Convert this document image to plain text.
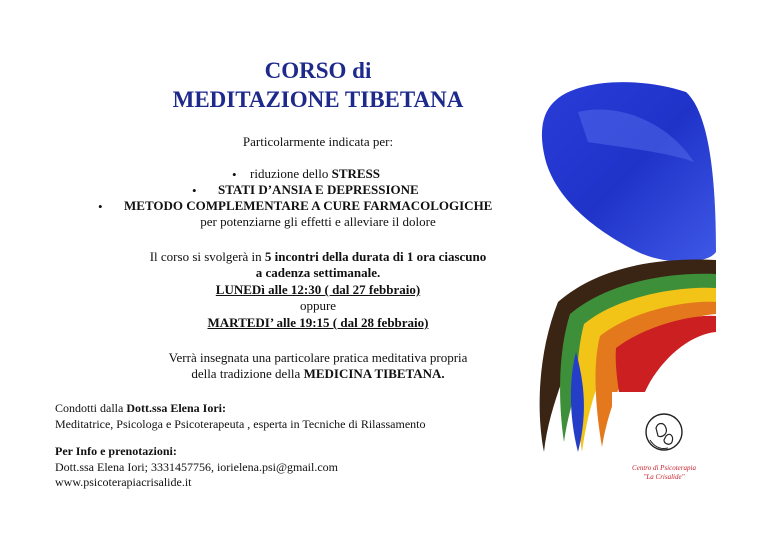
CORSO di
MEDITAZIONE TIBETANA
Particolarmente indicata per:
• riduzione dello STRESS
• STATI D’ANSIA E DEPRESSIONE
• METODO COMPLEMENTARE A CURE FARMACOLOGICHE
per potenziarne gli effetti e alleviare il dolore
Il corso si svolgerà in 5 incontri della durata di 1 ora ciascuno
a cadenza settimanale.
LUNEDì alle 12:30 ( dal 27 febbraio)
oppure
MARTEDI’ alle 19:15 ( dal 28 febbraio)
Verrà insegnata una particolare pratica meditativa propria
della tradizione della MEDICINA TIBETANA.
Condotti dalla Dott.ssa Elena Iori:
Meditatrice, Psicologa e Psicoterapeuta , esperta in Tecniche di Rilassamento
Per Info e prenotazioni:
Dott.ssa Elena Iori; 3331457756, iorielena.psi@gmail.com
www.psicoterapiacrisalide.it
Centro di Psicoterapia
"La Crisalide"
